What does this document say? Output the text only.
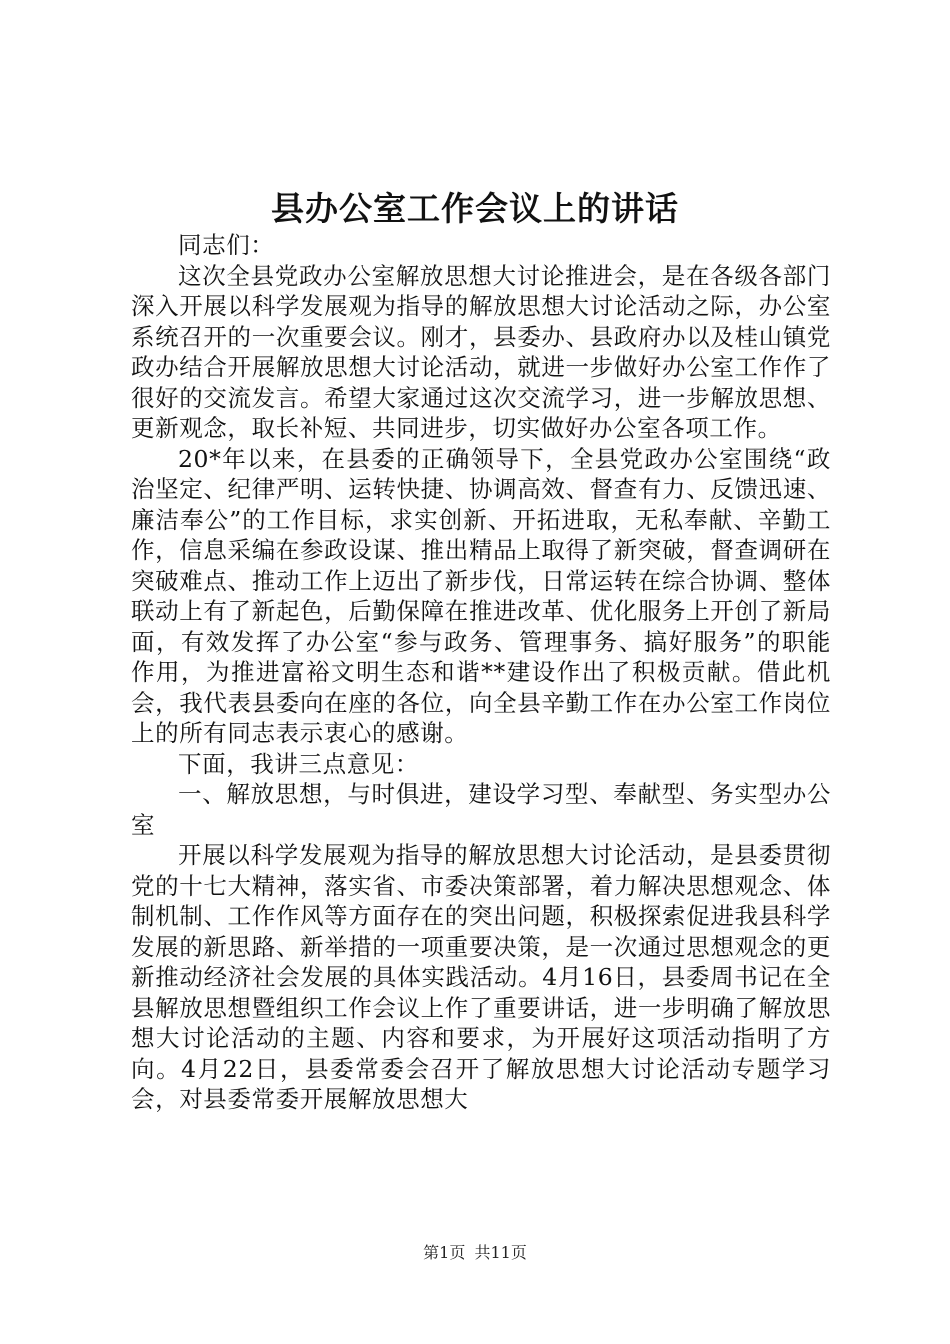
县办公室工作会议上的讲话

同志们：

这次全县党政办公室解放思想大讨论推进会，是在各级各部门深入开展以科学发展观为指导的解放思想大讨论活动之际，办公室系统召开的一次重要会议。刚才，县委办、县政府办以及桂山镇党政办结合开展解放思想大讨论活动，就进一步做好办公室工作作了很好的交流发言。希望大家通过这次交流学习，进一步解放思想、更新观念，取长补短、共同进步，切实做好办公室各项工作。

20*年以来，在县委的正确领导下，全县党政办公室围绕“政治坚定、纪律严明、运转快捷、协调高效、督查有力、反馈迅速、廉洁奉公”的工作目标，求实创新、开拓进取，无私奉献、辛勤工作，信息采编在参政设谋、推出精品上取得了新突破，督查调研在突破难点、推动工作上迈出了新步伐，日常运转在综合协调、整体联动上有了新起色，后勤保障在推进改革、优化服务上开创了新局面，有效发挥了办公室“参与政务、管理事务、搞好服务”的职能作用，为推进富裕文明生态和谐**建设作出了积极贡献。借此机会，我代表县委向在座的各位，向全县辛勤工作在办公室工作岗位上的所有同志表示衷心的感谢。

下面，我讲三点意见：

一、解放思想，与时俱进，建设学习型、奉献型、务实型办公室

开展以科学发展观为指导的解放思想大讨论活动，是县委贯彻党的十七大精神，落实省、市委决策部署，着力解决思想观念、体制机制、工作作风等方面存在的突出问题，积极探索促进我县科学发展的新思路、新举措的一项重要决策，是一次通过思想观念的更新推动经济社会发展的具体实践活动。4月16日，县委周书记在全县解放思想暨组织工作会议上作了重要讲话，进一步明确了解放思想大讨论活动的主题、内容和要求，为开展好这项活动指明了方向。4月22日，县委常委会召开了解放思想大讨论活动专题学习会，对县委常委开展解放思想大

第1页 共11页
